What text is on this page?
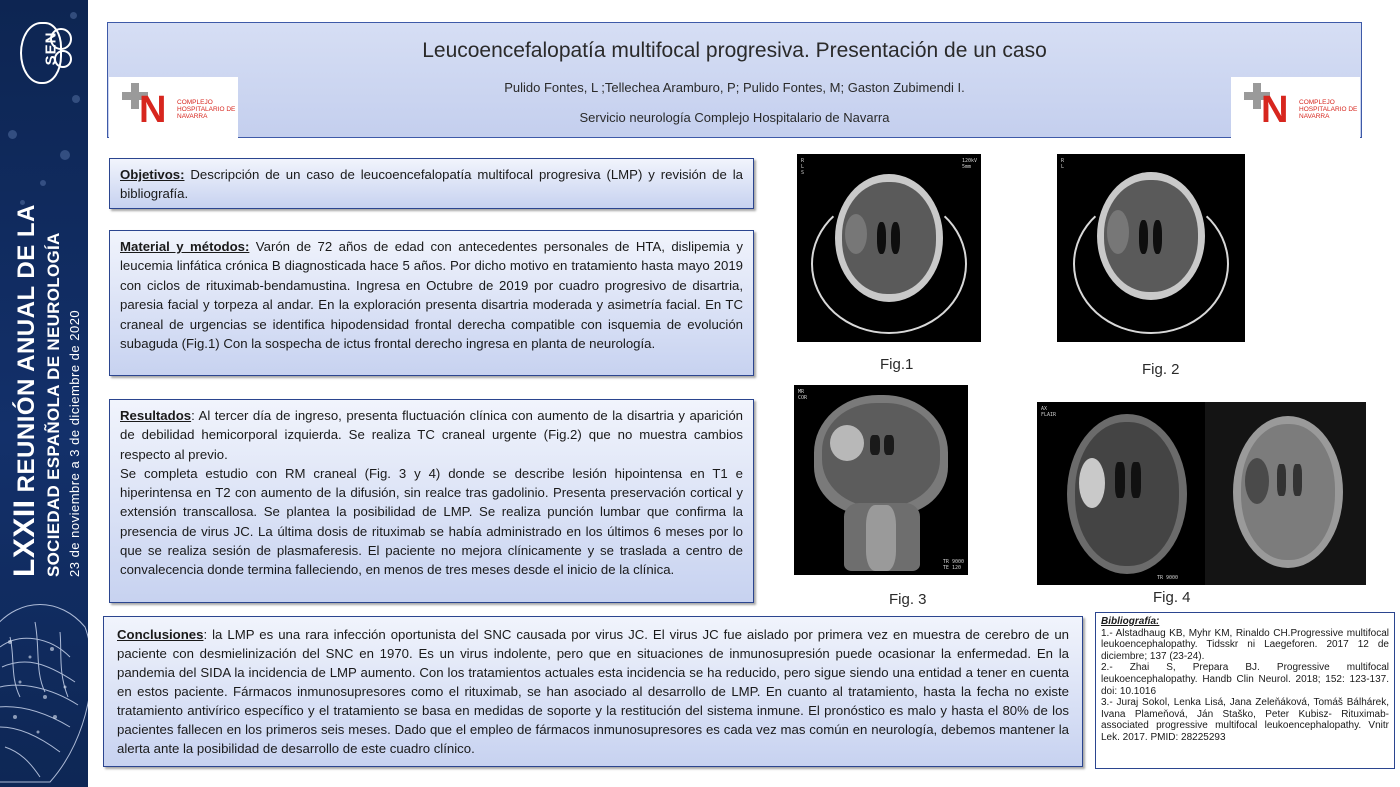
SEN
LXXII REUNIÓN ANUAL DE LA SOCIEDAD ESPAÑOLA DE NEUROLOGÍA 23 de noviembre a 3 de diciembre de 2020
Leucoencefalopatía multifocal progresiva. Presentación de un caso
Pulido Fontes, L ;Tellechea Aramburo, P; Pulido Fontes, M; Gaston Zubimendi I.
Servicio neurología Complejo Hospitalario de Navarra
N COMPLEJO HOSPITALARIO DE NAVARRA	N COMPLEJO HOSPITALARIO DE NAVARRA
Objetivos: Descripción de un caso de leucoencefalopatía multifocal progresiva (LMP) y revisión de la bibliografía.
Material y métodos: Varón de 72 años de edad con antecedentes personales de HTA, dislipemia y leucemia linfática crónica B diagnosticada hace 5 años. Por dicho motivo en tratamiento hasta mayo 2019 con ciclos de rituximab-bendamustina. Ingresa en Octubre de 2019 por cuadro progresivo de disartria, paresia facial y torpeza al andar. En la exploración presenta disartria moderada y asimetría facial. En TC craneal de urgencias se identifica hipodensidad frontal derecha compatible con isquemia de evolución subaguda (Fig.1) Con la sospecha de ictus frontal derecho ingresa en planta de neurología.
Resultados: Al tercer día de ingreso, presenta fluctuación clínica con aumento de la disartria y aparición de debilidad hemicorporal izquierda. Se realiza TC craneal urgente (Fig.2) que no muestra cambios respecto al previo.
Se completa estudio con RM craneal (Fig. 3 y 4) donde se describe lesión hipointensa en T1 e hiperintensa en T2 con aumento de la difusión, sin realce tras gadolinio. Presenta preservación cortical y extensión transcallosa. Se plantea la posibilidad de LMP. Se realiza punción lumbar que confirma la presencia de virus JC. La última dosis de rituximab se había administrado en los últimos 6 meses por lo que se realiza sesión de plasmaferesis. El paciente no mejora clínicamente y se traslada a centro de convalecencia donde termina falleciendo, en menos de tres meses desde el inicio de la clínica.
Conclusiones: la LMP es una rara infección oportunista del SNC causada por virus JC. El virus JC fue aislado por primera vez en muestra de cerebro de un paciente con desmielinización del SNC en 1970. Es un virus indolente, pero que en situaciones de inmunosupresión puede ocasionar la enfermedad. En la pandemia del SIDA la incidencia de LMP aumento. Con los tratamientos actuales esta incidencia se ha reducido, pero sigue siendo una entidad a tener en cuenta en estos paciente. Fármacos inmunosupresores como el rituximab, se han asociado al desarrollo de LMP. En cuanto al tratamiento, hasta la fecha no existe tratamiento antivírico específico y el tratamiento se basa en medidas de soporte y la restitución del sistema inmune. El pronóstico es malo y hasta el 80% de los pacientes fallecen en los primeros seis meses. Dado que el empleo de fármacos inmunosupresores es cada vez mas común en neurología, debemos mantener la alerta ante la posibilidad de desarrollo de este cuadro clínico.
R
L
S
120kV
5mm
Fig.1
R
L
Fig. 2
MR
COR
TR 9000
TE 120
Fig. 3
AX
FLAIR
TR 9000
Fig. 4
Bibliografía:
1.- Alstadhaug KB, Myhr KM, Rinaldo CH.Progressive multifocal leukoencephalopathy. Tidsskr ni Laegeforen. 2017 12 de diciembre; 137 (23-24).
2.- Zhai S, Prepara BJ. Progressive multifocal leukoencephalopathy. Handb Clin Neurol. 2018; 152: 123-137. doi: 10.1016
3.- Juraj Sokol, Lenka Lisá, Jana Zeleňáková, Tomáš Bálhárek, Ivana Plameňová, Ján Staško, Peter Kubisz- Rituximab-associated progressive multifocal leukoencephalopathy. Vnitr Lek. 2017. PMID: 28225293
